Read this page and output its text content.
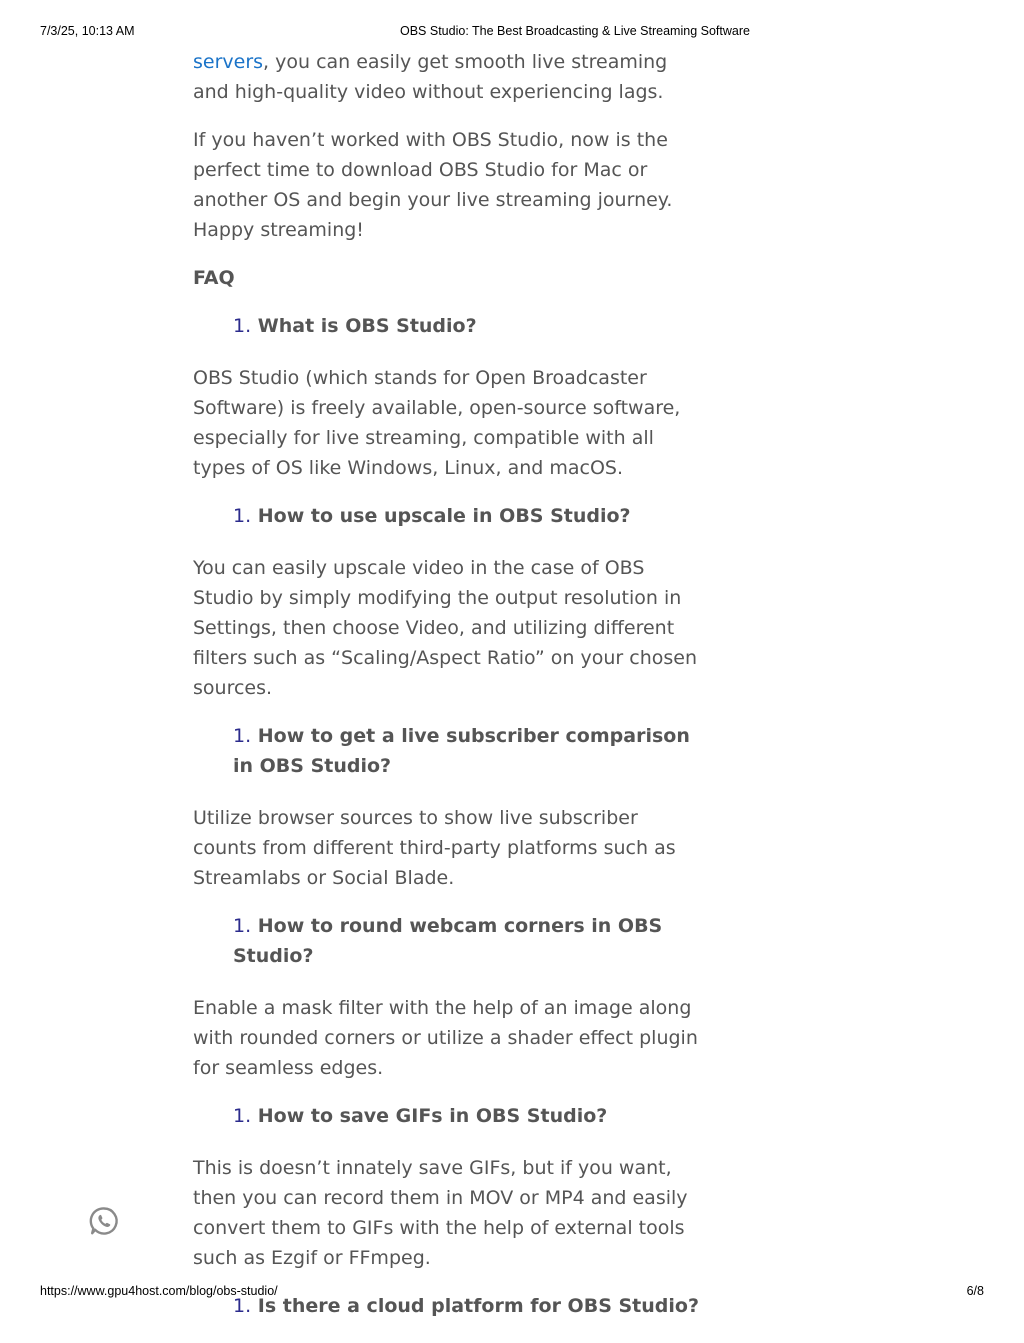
7/3/25, 10:13 AM	OBS Studio: The Best Broadcasting & Live Streaming Software

servers, you can easily get smooth live streaming and high-quality video without experiencing lags.

If you haven’t worked with OBS Studio, now is the perfect time to download OBS Studio for Mac or another OS and begin your live streaming journey. Happy streaming!

FAQ
1. What is OBS Studio?

OBS Studio (which stands for Open Broadcaster Software) is freely available, open-source software, especially for live streaming, compatible with all types of OS like Windows, Linux, and macOS.

1. How to use upscale in OBS Studio?

You can easily upscale video in the case of OBS Studio by simply modifying the output resolution in Settings, then choose Video, and utilizing different filters such as “Scaling/Aspect Ratio” on your chosen sources.

1. How to get a live subscriber comparison in OBS Studio?

Utilize browser sources to show live subscriber counts from different third-party platforms such as Streamlabs or Social Blade.

1. How to round webcam corners in OBS Studio?

Enable a mask filter with the help of an image along with rounded corners or utilize a shader effect plugin for seamless edges.

1. How to save GIFs in OBS Studio?

This is doesn’t innately save GIFs, but if you want, then you can record them in MOV or MP4 and easily convert them to GIFs with the help of external tools such as Ezgif or FFmpeg.

1. Is there a cloud platform for OBS Studio?
https://www.gpu4host.com/blog/obs-studio/	6/8
